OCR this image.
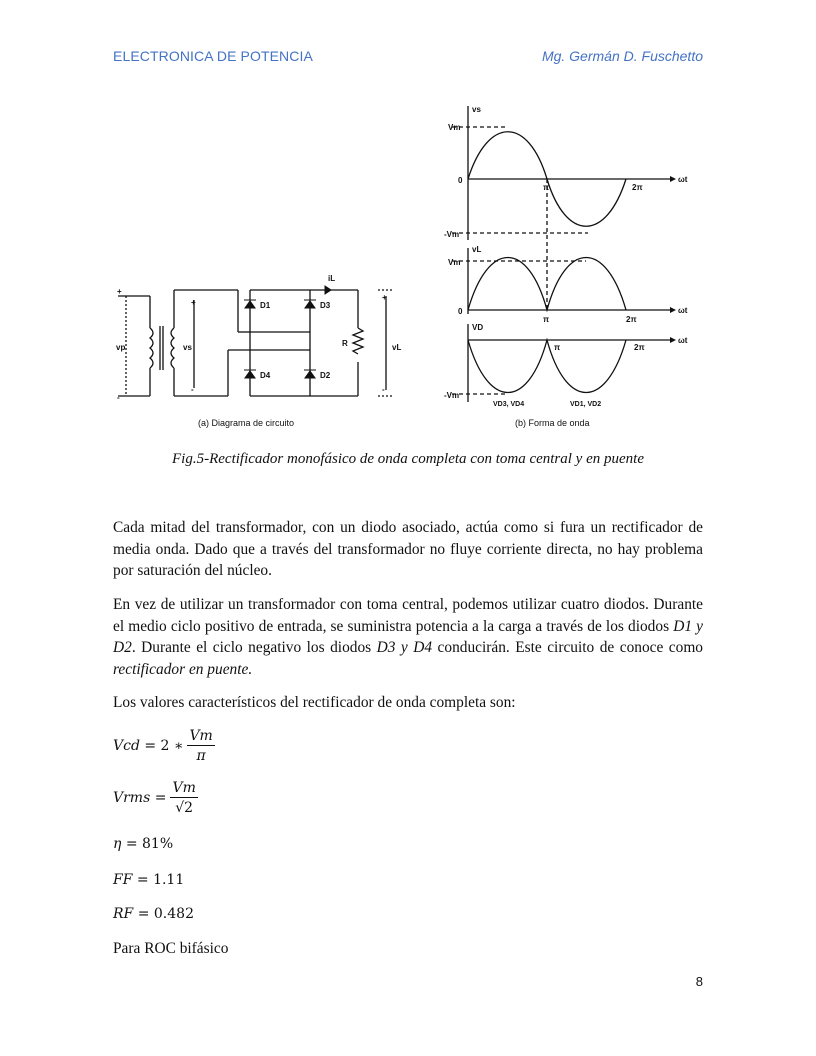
ELECTRONICA DE POTENCIA	Mg. Germán D. Fuschetto
D1	D3
D4	D2
R
iL
vp	vs	vL
+
+
+
-
-	-
(a) Diagrama de circuito
vs
Vm
0
-Vm
π	2π
ωt
vL
Vm
0
π	2π
ωt
VD
π	2π
ωt
-Vm
VD3, VD4	VD1, VD2
(b) Forma de onda
Fig.5-Rectificador monofásico de onda completa con toma central y en puente
Cada mitad del transformador, con un diodo asociado, actúa como si fura un rectificador de media onda. Dado que a través del transformador no fluye corriente directa, no hay problema por saturación del núcleo.
En vez de utilizar un transformador con toma central, podemos utilizar cuatro diodos. Durante el medio ciclo positivo de entrada, se suministra potencia a la carga a través de los diodos D1 y D2. Durante el ciclo negativo los diodos D3 y D4 conducirán. Este circuito de conoce como rectificador en puente.
Los valores característicos del rectificador de onda completa son:
Vcd = 2 ∗ $\frac{Vm}{\pi}$
Vrms = $\frac{Vm}{√2}$
η = 81%
FF = 1.11
RF = 0.482
Para ROC bifásico
8
